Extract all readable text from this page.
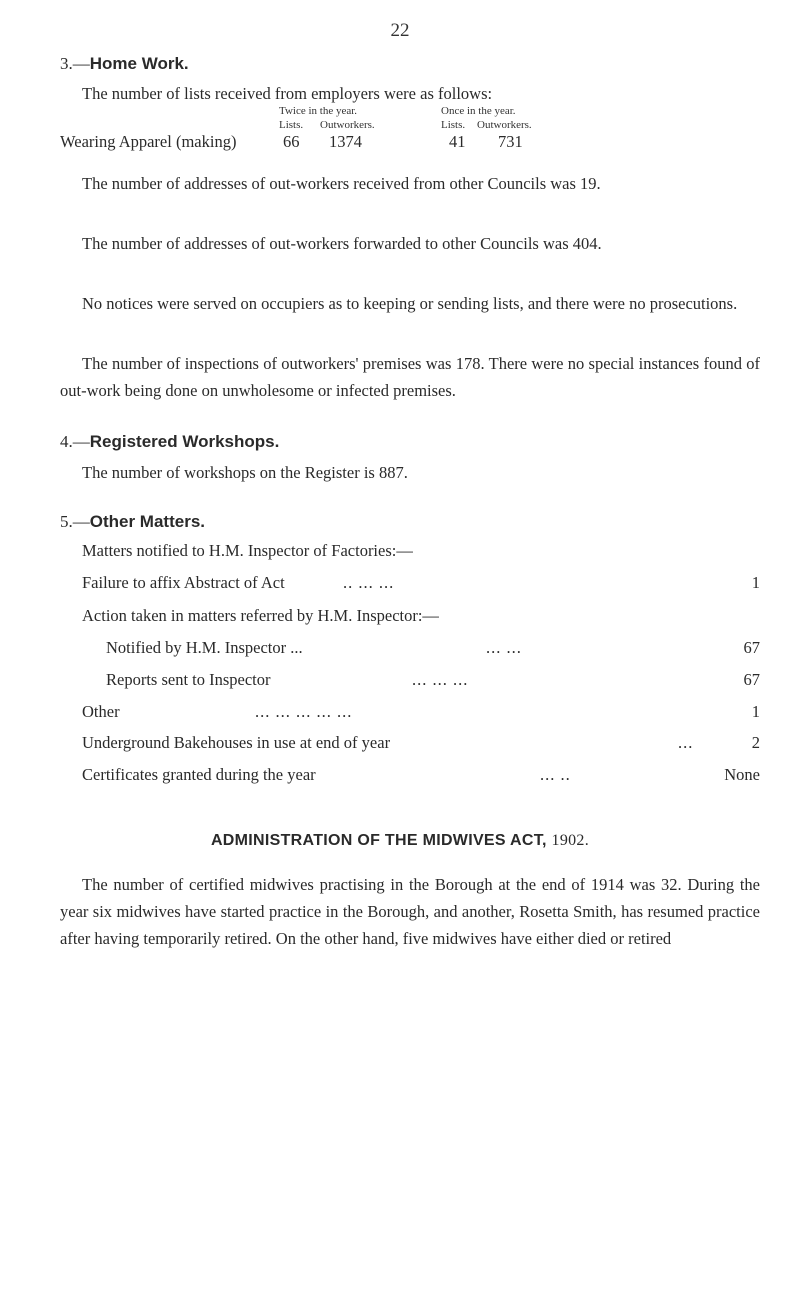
22
3.—Home Work.
The number of lists received from employers were as follows:
Twice in the year.	Once in the year.
Lists. Outworkers.	Lists. Outworkers.
Wearing Apparel (making)	66 1374	41 731
The number of addresses of out-workers received from other Councils was 19.
The number of addresses of out-workers forwarded to other Councils was 404.
No notices were served on occupiers as to keeping or sending lists, and there were no prosecutions.
The number of inspections of outworkers' premises was 178. There were no special instances found of out-work being done on unwholesome or infected premises.
4.—Registered Workshops.
The number of workshops on the Register is 887.
5.—Other Matters.
Matters notified to H.M. Inspector of Factories:—
Failure to affix Abstract of Act	.. ... ...	1
Action taken in matters referred by H.M. Inspector:—
Notified by H.M. Inspector ...	... ...	67
Reports sent to Inspector	... ... ...	67
Other	... ... ... ... ...	1
Underground Bakehouses in use at end of year	...	2
Certificates granted during the year	... ..	None
ADMINISTRATION OF THE MIDWIVES ACT, 1902.
The number of certified midwives practising in the Borough at the end of 1914 was 32. During the year six midwives have started practice in the Borough, and another, Rosetta Smith, has resumed practice after having temporarily retired. On the other hand, five midwives have either died or retired
